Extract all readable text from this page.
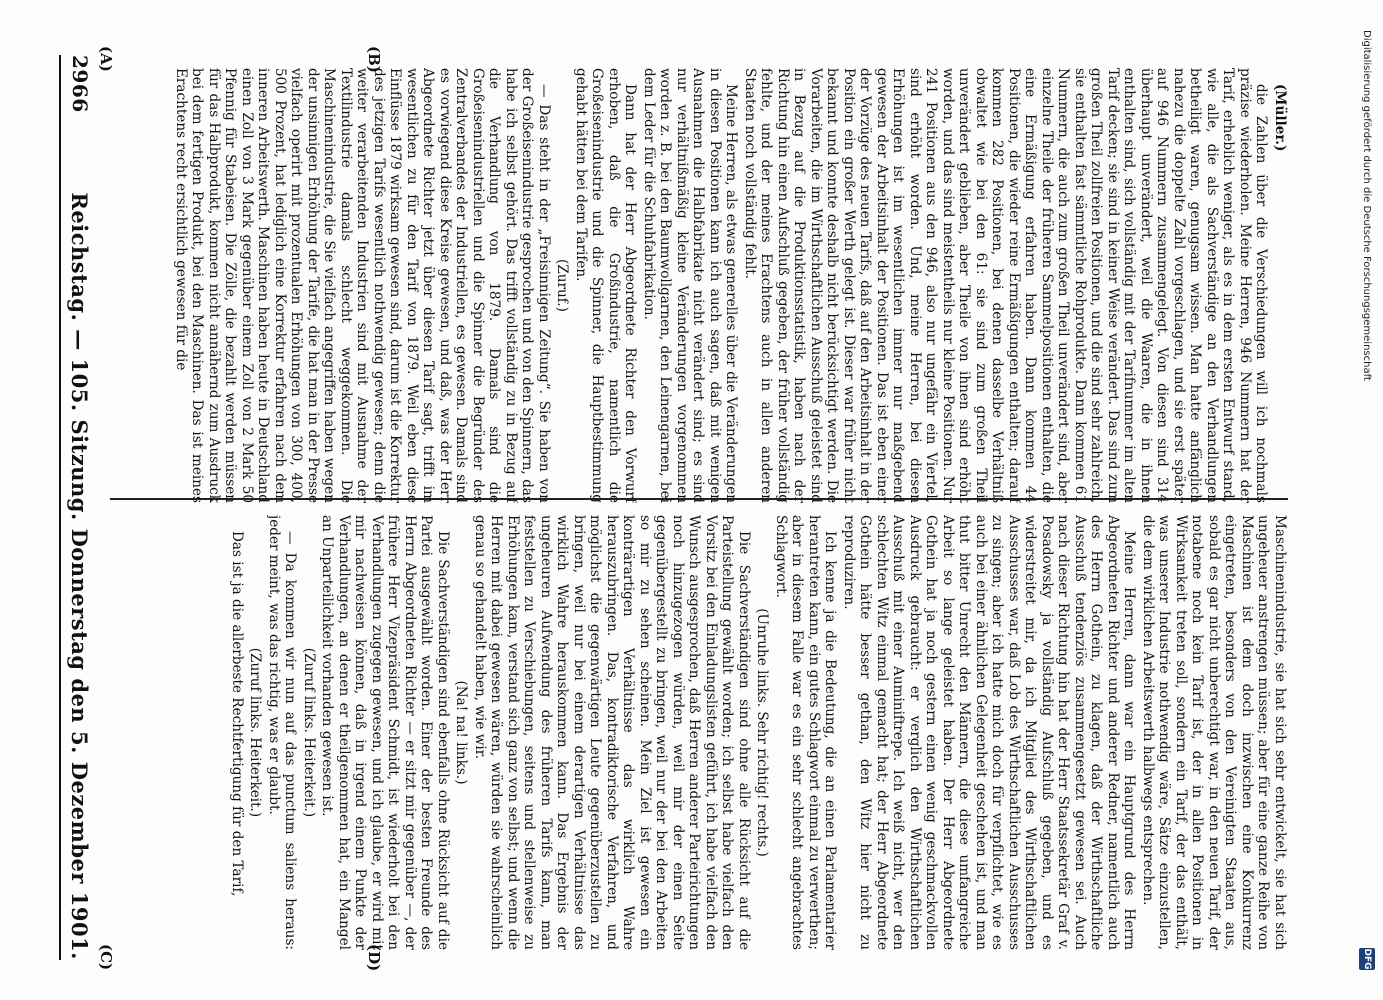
2966
Reichstag. — 105. Sitzung. Donnerstag den 5. Dezember 1901.
(A)	(B)
(C)	(D)

(Müller.)

die Zahlen über die Verschiedungen will ich nochmals präzise wiederholen. Meine Herren, 946 Nummern hat der Tarif, erheblich weniger, als es in dem ersten Entwurf stand, wie alle, die als Sachverständige an den Verhandlungen betheiligt waren, genugsam wissen. Man hatte anfänglich nahezu die doppelte Zahl vorgeschlagen, und sie erst später auf 946 Nummern zusammengelegt. Von diesen sind 314 überhaupt unverändert, weil die Waaren, die in ihnen enthalten sind, sich vollständig mit der Tarifnummer im alten Tarif decken; sie sind in keiner Weise verändert. Das sind zum großen Theil zollfreien Positionen, und die sind sehr zahlreich, sie enthalten fast sämmtliche Rohprodukte. Dann kommen 61 Nummern, die auch zum großen Theil unverändert sind, aber einzelne Theile der früheren Sammelpositionen enthalten, die eine Ermäßigung erfahren haben. Dann kommen 44 Positionen, die wieder reine Ermäßigungen enthalten; darauf kommen 282 Positionen, bei denen dasselbe Verhältniß obwaltet wie bei den 61: sie sind zum großen Theil unverändert geblieben, aber Theile von ihnen sind erhöht worden, und das sind meistentheils nur kleine Positionen. Nur 241 Positionen aus den 946, also nur ungefähr ein Viertel, sind erhöht worden. Und, meine Herren, bei diesen Erhöhungen ist im wesentlichen immer nur maßgebend gewesen der Arbeitsinhalt der Positionen. Das ist eben einer der Vorzüge des neuen Tarifs, daß auf den Arbeitsinhalt in der Position ein großer Werth gelegt ist. Dieser war früher nicht bekannt und konnte deshalb nicht berücksichtigt werden. Die Vorarbeiten, die im Wirthschaftlichen Ausschuß geleistet sind in Bezug auf die Produktionsstatistik, haben nach der Richtung hin einen Aufschluß gegeben, der früher vollständig fehlte, und der meines Erachtens auch in allen anderen Staaten noch vollständig fehlt.

Meine Herren, als etwas generelles über die Veränderungen in diesen Positionen kann ich auch sagen, daß mit wenigen Ausnahmen die Halbfabrikate nicht verändert sind; es sind nur verhältnißmäßig kleine Veränderungen vorgenommen worden z. B. bei den Baumwollgarnen, den Leinengarnen, bei dem Leder für die Schuhfabrikation.

Dann hat der Herr Abgeordnete Richter den Vorwurf erhoben, daß die Großindustrie, namentlich die Großeisenindustrie und die Spinner, die Hauptbestimmung gehabt hätten bei dem Tarifen.

(Zuruf.)

— Das steht in der „Freisinnigen Zeitung“. Sie haben von der Großeisenindustrie gesprochen und von den Spinnern, das habe ich selbst gehört. Das trifft vollständig zu in Bezug auf die Verhandlung von 1879. Damals sind die Großeisenindustriellen und die Spinner die Begründer des Zentralverbandes der Industriellen, es gewesen. Damals sind es vorwiegend diese Kreise gewesen, und daß, was der Herr Abgeordnete Richter jetzt über diesen Tarif sagt, trifft im wesentlichen zu für den Tarif von 1879. Weil eben diese Einflüsse 1879 wirksam gewesen sind, darum ist die Korrektur des jetzigen Tarifs wesentlich nothwendig gewesen; denn die weiter verarbeitenden Industrien sind mit Ausnahme der Textilindustrie damals schlecht weggekommen. Die Maschinenindustrie, die Sie vielfach angegriffen haben wegen der unsinnigen Erhöhung der Tarife, die hat man in der Presse vielfach operirt mit prozentualen Erhöhungen von 300, 400, 500 Prozent, hat lediglich eine Korrektur erfahren nach dem inneren Arbeitswerth. Maschinen haben heute in Deutschland einen Zoll von 3 Mark gegenüber einem Zoll von 2 Mark 50 Pfennig für Stabeisen. Die Zölle, die bezahlt werden müssen für das Halbprodukt, kommen nicht annähernd zum Ausdruck bei dem fertigen Produkt, bei den Maschinen. Das ist meines Erachtens recht ersichtlich gewesen für die

Maschinenindustrie, sie hat sich sehr entwickelt, sie hat sich ungeheuer anstrengen müssen; aber für eine ganze Reihe von Maschinen ist dem doch inzwischen eine Konkurrenz eingetreten, besonders von den Vereinigten Staaten aus, sobald es gar nicht unberechtigt war, in den neuen Tarif, der notabene noch kein Tarif ist, der in allen Positionen in Wirksamkeit treten soll, sondern ein Tarif, der das enthält, was unserer Industrie nothwendig wäre, Sätze einzustellen, die dem wirklichen Arbeitswerth halbwegs entsprechen.

Meine Herren, dann war ein Hauptgrund des Herrn Abgeordneten Richter und anderer Redner, namentlich auch des Herrn Gothein, zu klagen, daß der Wirthschaftliche Ausschuß tendenziös zusammengesetzt gewesen sei. Auch nach dieser Richtung hin hat der Herr Staatssekretär Graf v. Posadowsky ja vollständig Aufschluß gegeben, und es widerstreitet mir, da ich Mitglied des Wirthschaftlichen Ausschusses war, daß Lob des Wirthschaftlichen Ausschusses zu singen; aber ich hatte mich doch für verpflichtet, wie es auch bei einer ähnlichen Gelegenheit geschehen ist, und man thut bitter Unrecht den Männern, die diese umfangreiche Arbeit so lange geleistet haben. Der Herr Abgeordnete Gothein hat ja noch gestern einen wenig geschmackvollen Ausdruck gebraucht: er verglich den Wirthschaftlichen Ausschuß mit einer Auminiftrepe. Ich weiß nicht, wer den schlechten Witz einmal gemacht hat; der Herr Abgeordnete Gothein hätte besser gethan, den Witz hier nicht zu reproduziren.

Ich kenne ja die Bedeutung, die an einen Parlamentarier herantreten kann, ein gutes Schlagwort einmal zu verwerthen; aber in diesem Falle war es ein sehr schlecht angebrachtes Schlagwort.

(Unruhe links. Sehr richtig! rechts.)

Die Sachverständigen sind ohne alle Rücksicht auf die Parteistellung gewählt worden; ich selbst habe vielfach den Vorsitz bei den Einladungslisten geführt, ich habe vielfach den Wunsch ausgesprochen, daß Herren anderer Parteirichtungen noch hinzugezogen würden, weil mir der einen Seite gegenübergestellt zu bringen, weil nur der bei den Arbeiten so mir zu sehen scheinen. Mein Ziel ist gewesen ein konträrartigen Verhältnisse das wirklich Wahre herauszubringen. Das, kontradiktorische Verfahren, und möglichst die gegenwärtigen Leute gegenüberzustellen zu bringen, weil nur bei einem derartigen Verhältnisse das wirklich Wahre herauskommen kann. Das Ergebnis der ungeheuren Aufwendung des früheren Tarifs kann, man feststellen zu Verschiebungen, seitens und stellenweise zu Erhöhungen kam, verstand sich ganz von selbst; und wenn die Herren mit dabei gewesen wären, würden sie wahrscheinlich genau so gehandelt haben, wie wir.

(Na! na! links.)

Die Sachverständigen sind ebenfalls ohne Rücksicht auf die Partei ausgewählt worden. Einer der besten Freunde des Herrn Abgeordneten Richter — er sitzt mir gegenüber —, der frühere Herr Vizepräsident Schmidt, ist wiederholt bei den Verhandlungen zugegen gewesen, und ich glaube, er wird mit mir nachweisen können, daß in irgend einem Punkte der Verhandlungen, an denen er theilgenommen hat, ein Mangel an Unparteilichkeit vorhanden gewesen ist.

(Zuruf links. Heiterkeit.)

— Da kommen wir nun auf das punctum saliens heraus: jeder meint, was das richtig, was er glaubt.

(Zuruf links. Heiterkeit.)

Das ist ja die allerbeste Rechtfertigung für den Tarif,

Digitalisierung gefördert durch die Deutsche Forschungsgemeinschaft
DFG
